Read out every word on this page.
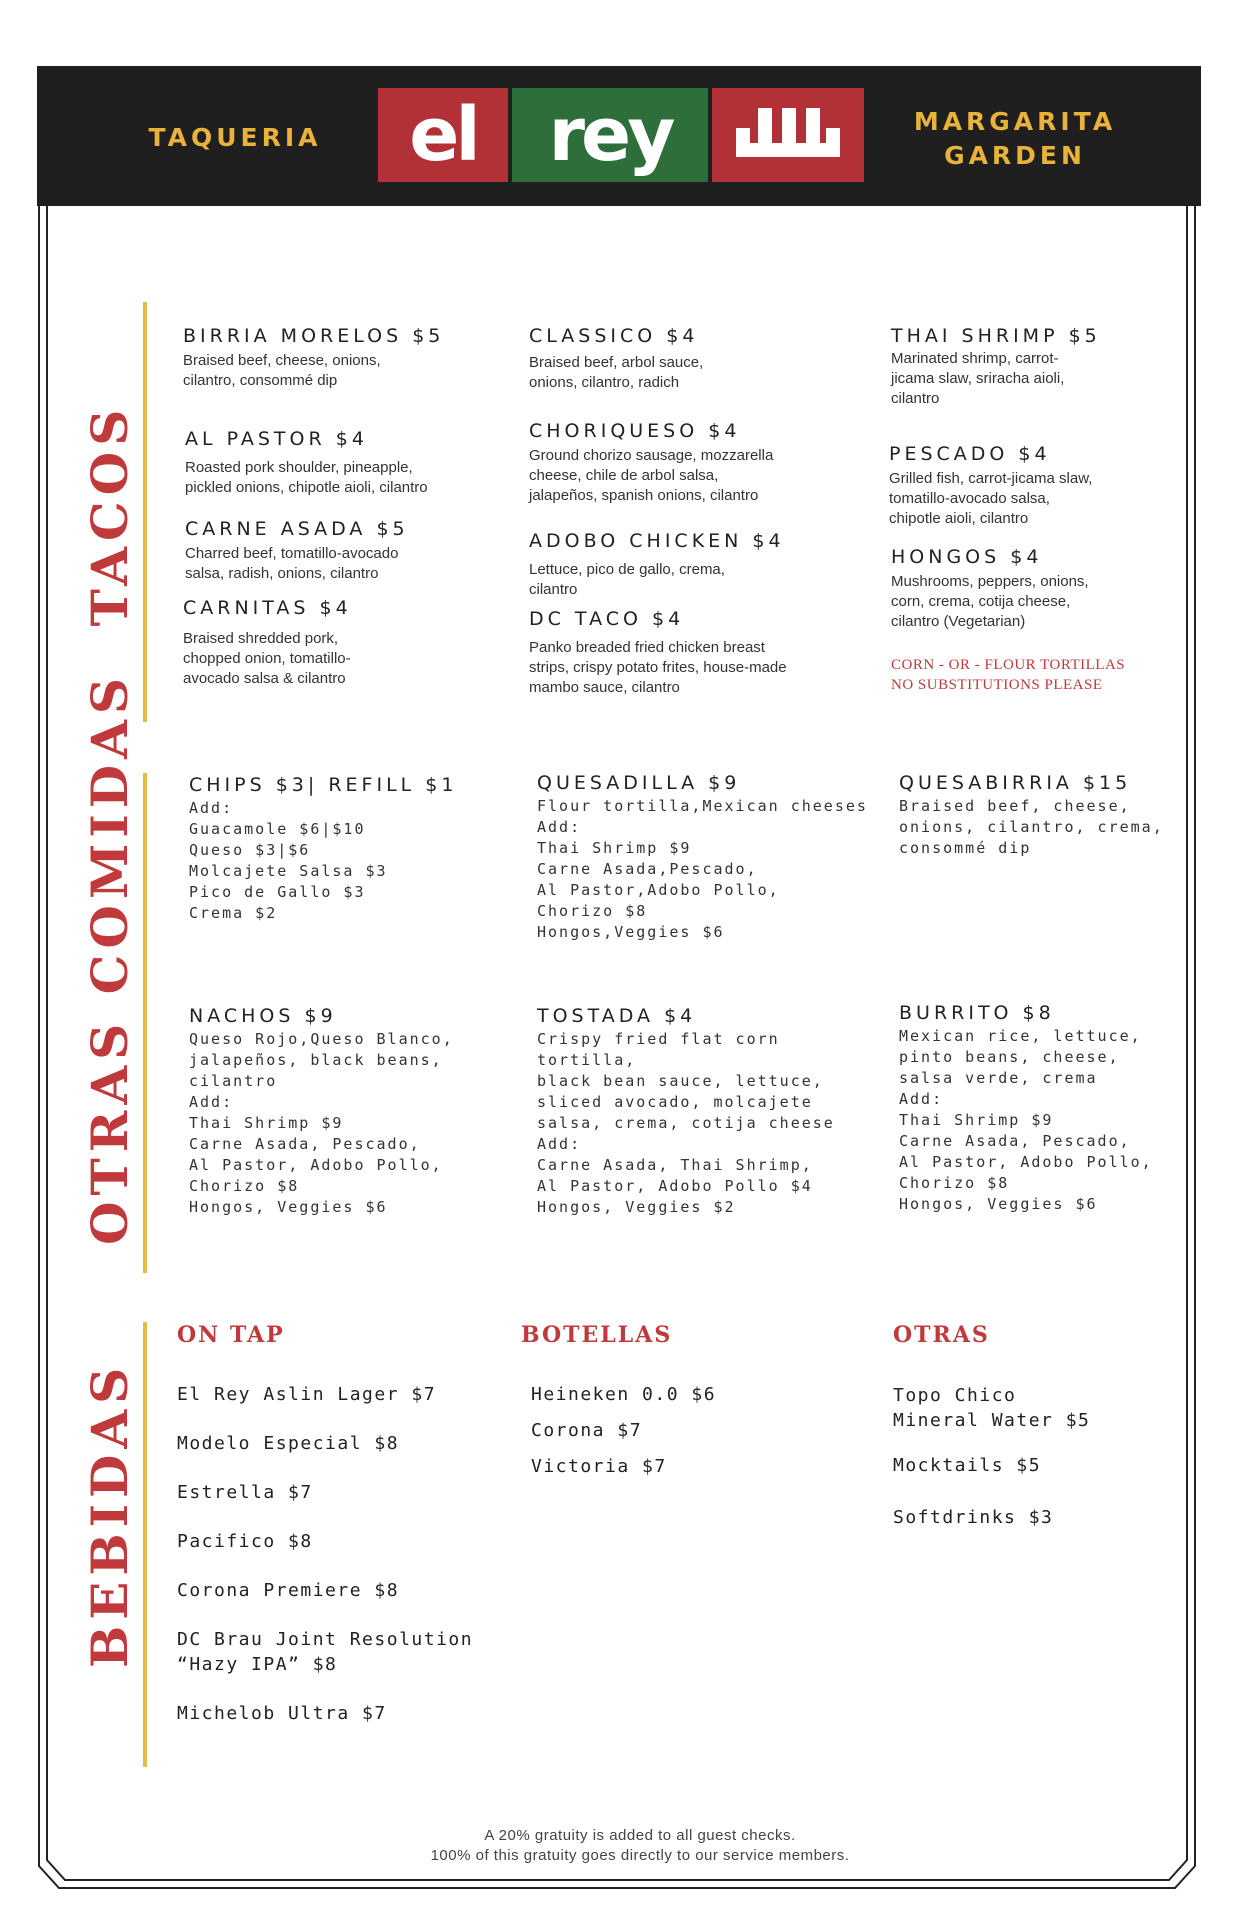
TAQUERIA
MARGARITA
GARDEN
el rey
TACOS
BIRRIA MORELOS $5
Braised beef, cheese, onions,
cilantro, consommé dip
AL PASTOR $4
Roasted pork shoulder, pineapple,
pickled onions, chipotle aioli, cilantro
CARNE ASADA $5
Charred beef, tomatillo-avocado
salsa, radish, onions, cilantro
CARNITAS $4
Braised shredded pork,
chopped onion, tomatillo-
avocado salsa & cilantro
CLASSICO $4
Braised beef, arbol sauce,
onions, cilantro, radich
CHORIQUESO $4
Ground chorizo sausage, mozzarella
cheese, chile de arbol salsa,
jalapeños, spanish onions, cilantro
ADOBO CHICKEN $4
Lettuce, pico de gallo, crema,
cilantro
DC TACO $4
Panko breaded fried chicken breast
strips, crispy potato frites, house-made
mambo sauce, cilantro
THAI SHRIMP $5
Marinated shrimp, carrot-
jicama slaw, sriracha aioli,
cilantro
PESCADO $4
Grilled fish, carrot-jicama slaw,
tomatillo-avocado salsa,
chipotle aioli, cilantro
HONGOS $4
Mushrooms, peppers, onions,
corn, crema, cotija cheese,
cilantro (Vegetarian)
CORN - OR - FLOUR TORTILLAS
NO SUBSTITUTIONS PLEASE
OTRAS COMIDAS	CHIPS $3| REFILL $1
Add:
Guacamole $6|$10
Queso $3|$6
Molcajete Salsa $3
Pico de Gallo $3
Crema $2
QUESADILLA $9
Flour tortilla,Mexican cheeses
Add:
Thai Shrimp $9
Carne Asada,Pescado,
Al Pastor,Adobo Pollo,
Chorizo $8
Hongos,Veggies $6
QUESABIRRIA $15
Braised beef, cheese,
onions, cilantro, crema,
consommé dip
NACHOS $9
Queso Rojo,Queso Blanco,
jalapeños, black beans,
cilantro
Add:
Thai Shrimp $9
Carne Asada, Pescado,
Al Pastor, Adobo Pollo,
Chorizo $8
Hongos, Veggies $6
TOSTADA $4
Crispy fried flat corn tortilla,
black bean sauce, lettuce,
sliced avocado, molcajete
salsa, crema, cotija cheese
Add:
Carne Asada, Thai Shrimp,
Al Pastor, Adobo Pollo $4
Hongos, Veggies $2
BURRITO $8
Mexican rice, lettuce,
pinto beans, cheese,
salsa verde, crema
Add:
Thai Shrimp $9
Carne Asada, Pescado,
Al Pastor, Adobo Pollo,
Chorizo $8
Hongos, Veggies $6
BEBIDAS
ON TAP
El Rey Aslin Lager $7
Modelo Especial $8
Estrella $7
Pacifico $8
Corona Premiere $8
DC Brau Joint Resolution
“Hazy IPA” $8
Michelob Ultra $7
BOTELLAS
Heineken 0.0 $6
Corona $7
Victoria $7
OTRAS
Topo Chico
Mineral Water $5
Mocktails $5
Softdrinks $3
A 20% gratuity is added to all guest checks.
100% of this gratuity goes directly to our service members.
